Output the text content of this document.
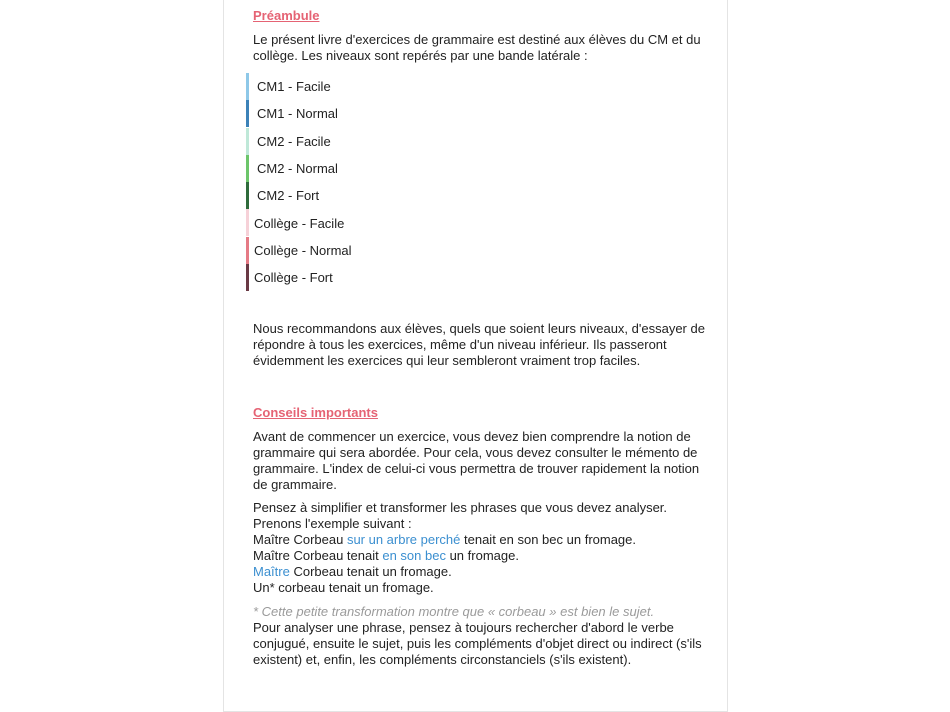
Préambule

Le présent livre d'exercices de grammaire est destiné aux élèves du CM et du collège. Les niveaux sont repérés par une bande latérale :

CM1 - Facile
CM1 - Normal
CM2 - Facile
CM2 - Normal
CM2 - Fort
Collège - Facile
Collège - Normal
Collège - Fort

Nous recommandons aux élèves, quels que soient leurs niveaux, d'essayer de répondre à tous les exercices, même d'un niveau inférieur. Ils passeront évidemment les exercices qui leur sembleront vraiment trop faciles.

Conseils importants

Avant de commencer un exercice, vous devez bien comprendre la notion de grammaire qui sera abordée. Pour cela, vous devez consulter le mémento de grammaire. L'index de celui-ci vous permettra de trouver rapidement la notion de grammaire.

Pensez à simplifier et transformer les phrases que vous devez analyser.
Prenons l'exemple suivant :
Maître Corbeau sur un arbre perché tenait en son bec un fromage.
Maître Corbeau tenait en son bec un fromage.
Maître Corbeau tenait un fromage.
Un* corbeau tenait un fromage.

* Cette petite transformation montre que « corbeau » est bien le sujet.

Pour analyser une phrase, pensez à toujours rechercher d'abord le verbe conjugué, ensuite le sujet, puis les compléments d'objet direct ou indirect (s'ils existent) et, enfin, les compléments circonstanciels (s'ils existent).
